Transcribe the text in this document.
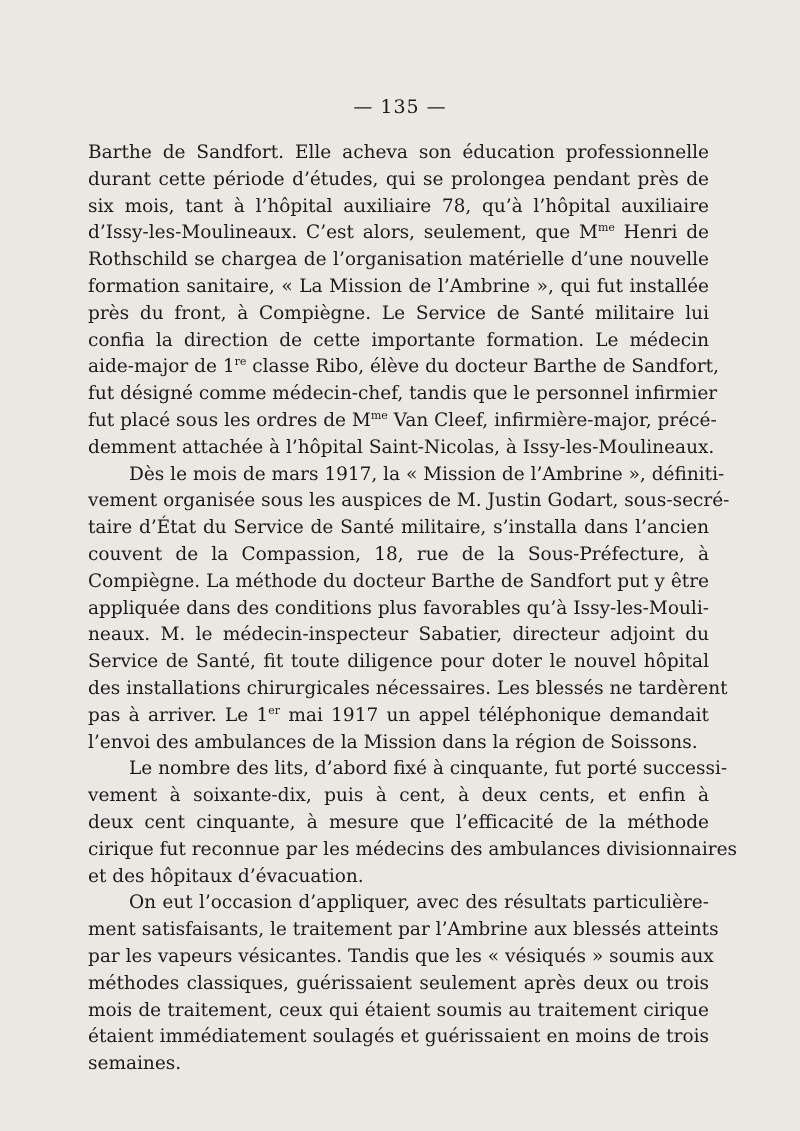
— 135 —
Barthe de Sandfort. Elle acheva son éducation professionnelle
durant cette période d’études, qui se prolongea pendant près de
six mois, tant à l’hôpital auxiliaire 78, qu’à l’hôpital auxiliaire
d’Issy-les-Moulineaux. C’est alors, seulement, que $M^{me}$ Henri de
Rothschild se chargea de l’organisation matérielle d’une nouvelle
formation sanitaire, « La Mission de l’Ambrine », qui fut installée
près du front, à Compiègne. Le Service de Santé militaire lui
confia la direction de cette importante formation. Le médecin
aide-major de 1re classe Ribo, élève du docteur Barthe de Sandfort,
fut désigné comme médecin-chef, tandis que le personnel infirmier
fut placé sous les ordres de $M^{me}$ Van Cleef, infirmière-major, précé-
demment attachée à l’hôpital Saint-Nicolas, à Issy-les-Moulineaux.
Dès le mois de mars 1917, la « Mission de l’Ambrine », définiti-
vement organisée sous les auspices de M. Justin Godart, sous-secré-
taire d’État du Service de Santé militaire, s’installa dans l’ancien
couvent de la Compassion, 18, rue de la Sous-Préfecture, à
Compiègne. La méthode du docteur Barthe de Sandfort put y être
appliquée dans des conditions plus favorables qu’à Issy-les-Mouli-
neaux. M. le médecin-inspecteur Sabatier, directeur adjoint du
Service de Santé, fit toute diligence pour doter le nouvel hôpital
des installations chirurgicales nécessaires. Les blessés ne tardèrent
pas à arriver. Le 1er mai 1917 un appel téléphonique demandait
l’envoi des ambulances de la Mission dans la région de Soissons.
Le nombre des lits, d’abord fixé à cinquante, fut porté successi-
vement à soixante-dix, puis à cent, à deux cents, et enfin à
deux cent cinquante, à mesure que l’efficacité de la méthode
cirique fut reconnue par les médecins des ambulances divisionnaires
et des hôpitaux d’évacuation.
On eut l’occasion d’appliquer, avec des résultats particulière-
ment satisfaisants, le traitement par l’Ambrine aux blessés atteints
par les vapeurs vésicantes. Tandis que les « vésiqués » soumis aux
méthodes classiques, guérissaient seulement après deux ou trois
mois de traitement, ceux qui étaient soumis au traitement cirique
étaient immédiatement soulagés et guérissaient en moins de trois
semaines.
